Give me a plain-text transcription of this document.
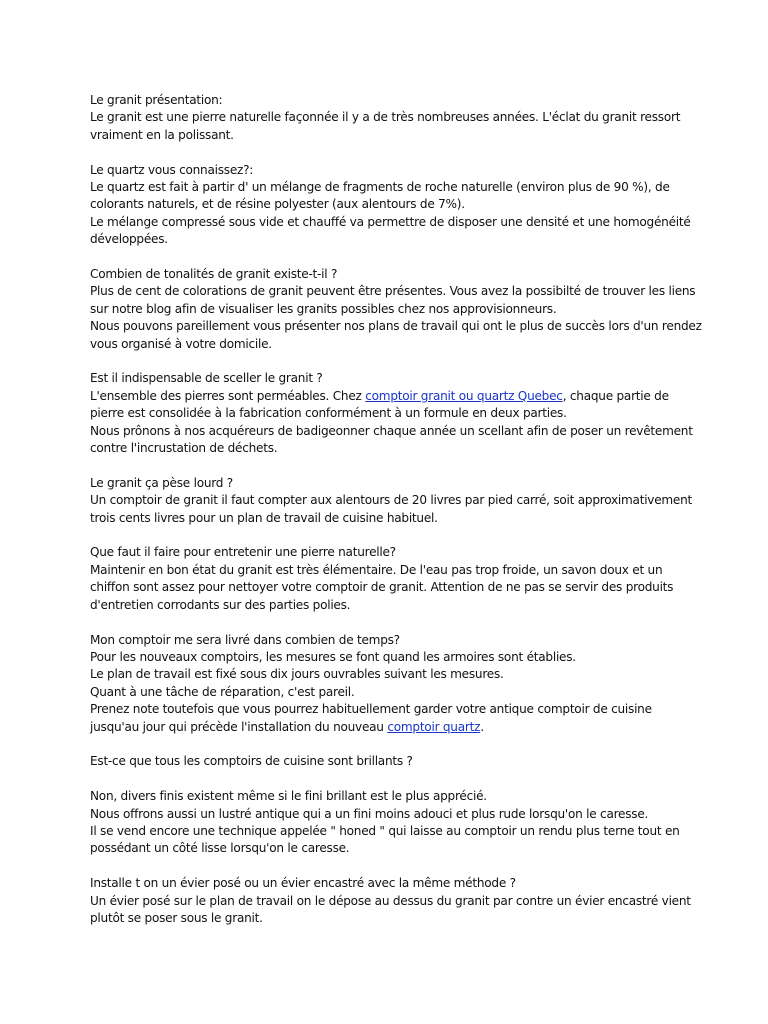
Le granit présentation:
Le granit est une pierre naturelle façonnée il y a de très nombreuses années. L'éclat du granit ressort
vraiment en la polissant.
Le quartz vous connaissez?:
Le quartz est fait à partir d' un mélange de fragments de roche naturelle (environ plus de 90 %), de
colorants naturels, et de résine polyester (aux alentours de 7%).
Le mélange compressé sous vide et chauffé va permettre de disposer une densité et une homogénéité
développées.
Combien de tonalités de granit existe-t-il ?
Plus de cent de colorations de granit peuvent être présentes. Vous avez la possibilté de trouver les liens
sur notre blog afin de visualiser les granits possibles chez nos approvisionneurs.
Nous pouvons pareillement vous présenter nos plans de travail qui ont le plus de succès lors d'un rendez
vous organisé à votre domicile.
Est il indispensable de sceller le granit ?
L'ensemble des pierres sont perméables. Chez comptoir granit ou quartz Quebec, chaque partie de
pierre est consolidée à la fabrication conformément à un formule en deux parties.
Nous prônons à nos acquéreurs de badigeonner chaque année un scellant afin de poser un revêtement
contre l'incrustation de déchets.
Le granit ça pèse lourd ?
Un comptoir de granit il faut compter aux alentours de 20 livres par pied carré, soit approximativement
trois cents livres pour un plan de travail de cuisine habituel.
Que faut il faire pour entretenir une pierre naturelle?
Maintenir en bon état du granit est très élémentaire. De l'eau pas trop froide, un savon doux et un
chiffon sont assez pour nettoyer votre comptoir de granit. Attention de ne pas se servir des produits
d'entretien corrodants sur des parties polies.
Mon comptoir me sera livré dans combien de temps?
Pour les nouveaux comptoirs, les mesures se font quand les armoires sont établies.
Le plan de travail est fixé sous dix jours ouvrables suivant les mesures.
Quant à une tâche de réparation, c'est pareil.
Prenez note toutefois que vous pourrez habituellement garder votre antique comptoir de cuisine
jusqu'au jour qui précède l'installation du nouveau comptoir quartz.
Est-ce que tous les comptoirs de cuisine sont brillants ?
Non, divers finis existent même si le fini brillant est le plus apprécié.
Nous offrons aussi un lustré antique qui a un fini moins adouci et plus rude lorsqu'on le caresse.
Il se vend encore une technique appelée " honed " qui laisse au comptoir un rendu plus terne tout en
possédant un côté lisse lorsqu'on le caresse.
Installe t on un évier posé ou un évier encastré avec la même méthode ?
Un évier posé sur le plan de travail on le dépose au dessus du granit par contre un évier encastré vient
plutôt se poser sous le granit.
